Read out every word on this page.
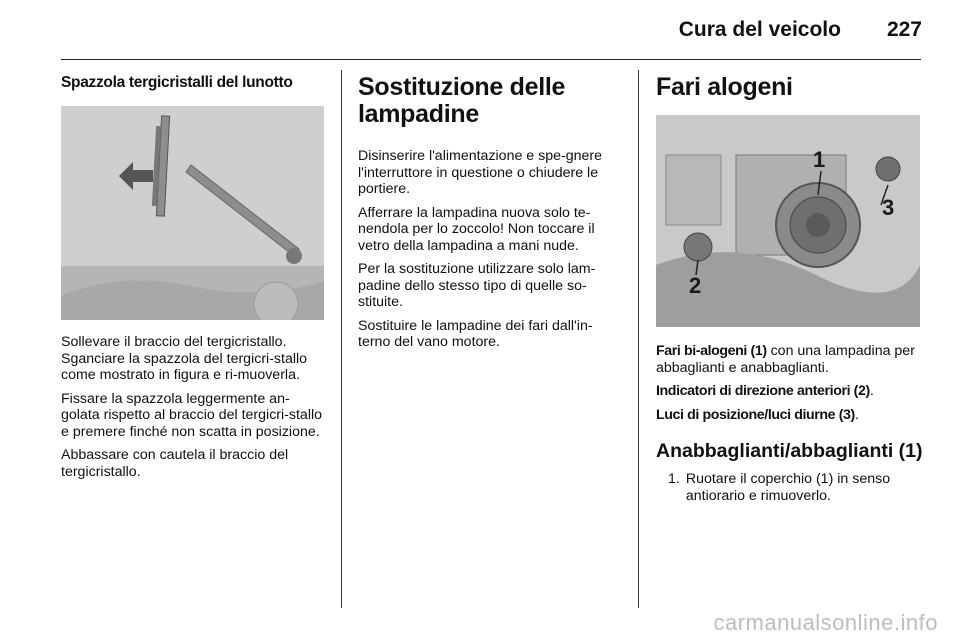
Cura del veicolo 227
Spazzola tergicristalli del lunotto

Sollevare il braccio del tergicristallo. Sganciare la spazzola del tergicri-stallo come mostrato in figura e ri-muoverla.

Fissare la spazzola leggermente an-golata rispetto al braccio del tergicri-stallo e premere finché non scatta in posizione.

Abbassare con cautela il braccio del tergicristallo.

Sostituzione delle lampadine

Disinserire l'alimentazione e spe-gnere l'interruttore in questione o chiudere le portiere.

Afferrare la lampadina nuova solo te-nendola per lo zoccolo! Non toccare il vetro della lampadina a mani nude.

Per la sostituzione utilizzare solo lam-padine dello stesso tipo di quelle so-stituite.

Sostituire le lampadine dei fari dall'in-terno del vano motore.

Fari alogeni
1
2
3

Fari bi-alogeni (1) con una lampadina per abbaglianti e anabbaglianti.

Indicatori di direzione anteriori (2).

Luci di posizione/luci diurne (3).

Anabbaglianti/abbaglianti (1)
1. Ruotare il coperchio (1) in senso antiorario e rimuoverlo.
carmanualsonline.info
